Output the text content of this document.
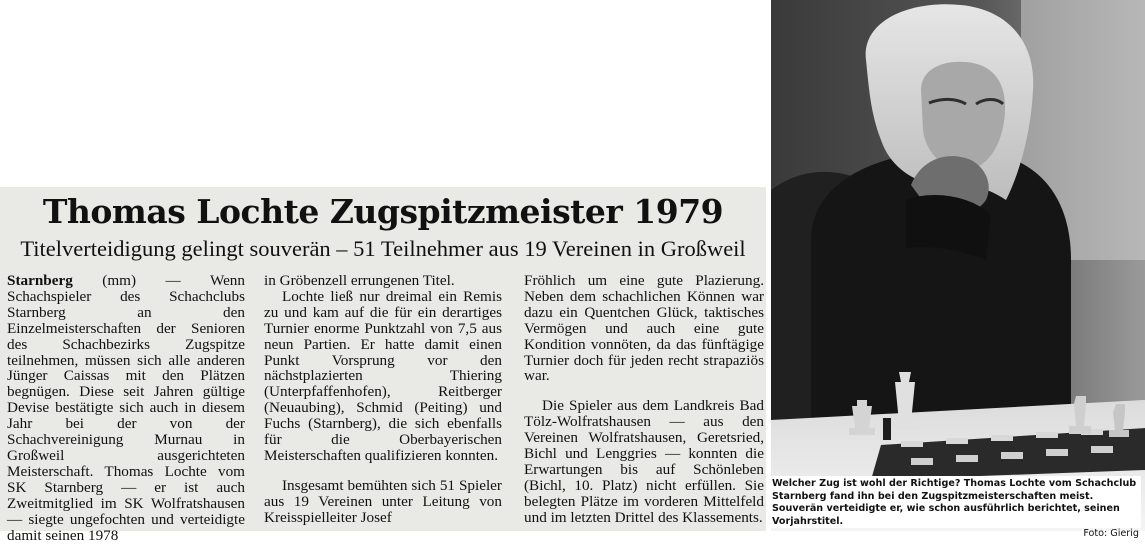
Thomas Lochte Zugspitzmeister 1979
Titelverteidigung gelingt souverän – 51 Teilnehmer aus 19 Vereinen in Großweil

Starnberg (mm) — Wenn Schachspieler des Schachclubs Starnberg an den Einzelmeisterschaften der Senioren des Schachbezirks Zugspitze teilnehmen, müssen sich alle anderen Jünger Caissas mit den Plätzen begnügen. Diese seit Jahren gültige Devise bestätigte sich auch in diesem Jahr bei der von der Schachvereinigung Murnau in Großweil ausgerichteten Meisterschaft. Thomas Lochte vom SK Starnberg — er ist auch Zweitmitglied im SK Wolfratshausen — siegte ungefochten und verteidigte damit seinen 1978

in Gröbenzell errungenen Titel.

Lochte ließ nur dreimal ein Remis zu und kam auf die für ein derartiges Turnier enorme Punktzahl von 7,5 aus neun Partien. Er hatte damit einen Punkt Vorsprung vor den nächstplazierten Thiering (Unterpfaffenhofen), Reitberger (Neuaubing), Schmid (Peiting) und Fuchs (Starnberg), die sich ebenfalls für die Oberbayerischen Meisterschaften qualifizieren konnten.

Insgesamt bemühten sich 51 Spieler aus 19 Vereinen unter Leitung von Kreisspielleiter Josef

Fröhlich um eine gute Plazierung. Neben dem schachlichen Können war dazu ein Quentchen Glück, taktisches Vermögen und auch eine gute Kondition vonnöten, da das fünftägige Turnier doch für jeden recht strapaziös war.

Die Spieler aus dem Landkreis Bad Tölz-Wolfratshausen — aus den Vereinen Wolfratshausen, Geretsried, Bichl und Lenggries — konnten die Erwartungen bis auf Schönleben (Bichl, 10. Platz) nicht erfüllen. Sie belegten Plätze im vorderen Mittelfeld und im letzten Drittel des Klassements.

Welcher Zug ist wohl der Richtige? Thomas Lochte vom Schachclub Starnberg fand ihn bei den Zugspitzmeisterschaften meist. Souverän verteidigte er, wie schon ausführlich berichtet, seinen Vorjahrstitel.

Foto: Gierig
